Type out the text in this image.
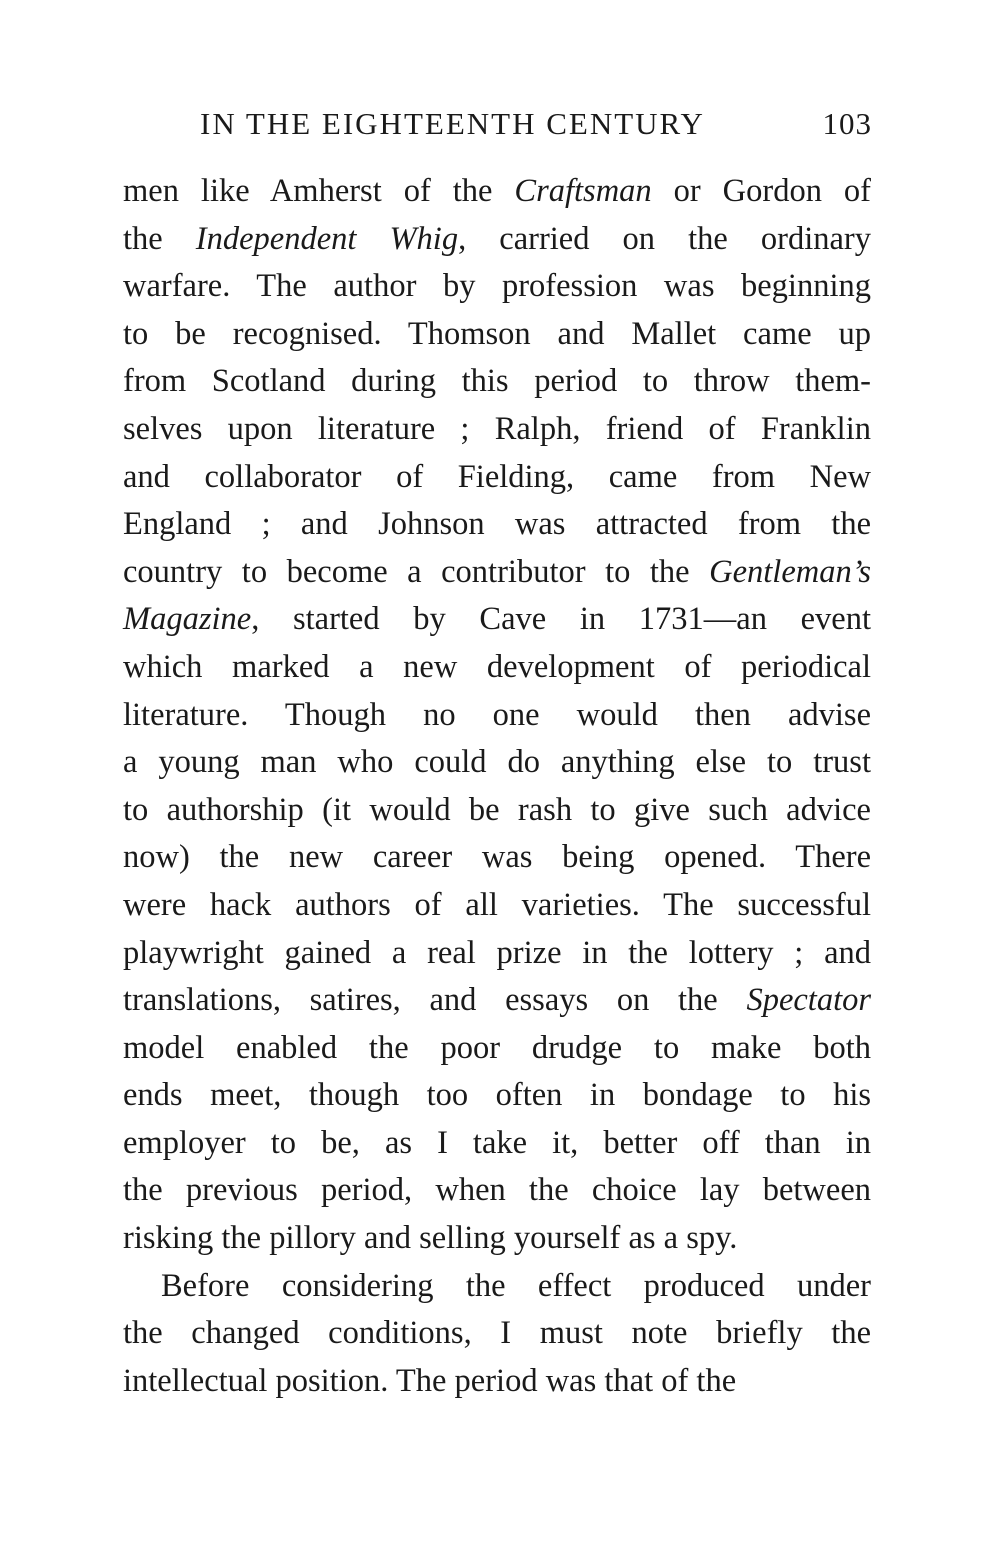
IN THE EIGHTEENTH CENTURY	103
men like Amherst of the Craftsman or Gordon of
the Independent Whig, carried on the ordinary
warfare. The author by profession was beginning
to be recognised. Thomson and Mallet came up
from Scotland during this period to throw them-
selves upon literature ; Ralph, friend of Franklin
and collaborator of Fielding, came from New
England ; and Johnson was attracted from the
country to become a contributor to the Gentleman’s
Magazine, started by Cave in 1731—an event
which marked a new development of periodical
literature. Though no one would then advise
a young man who could do anything else to trust
to authorship (it would be rash to give such advice
now) the new career was being opened. There
were hack authors of all varieties. The successful
playwright gained a real prize in the lottery ; and
translations, satires, and essays on the Spectator
model enabled the poor drudge to make both
ends meet, though too often in bondage to his
employer to be, as I take it, better off than in
the previous period, when the choice lay between
risking the pillory and selling yourself as a spy.
Before considering the effect produced under
the changed conditions, I must note briefly the
intellectual position. The period was that of the
